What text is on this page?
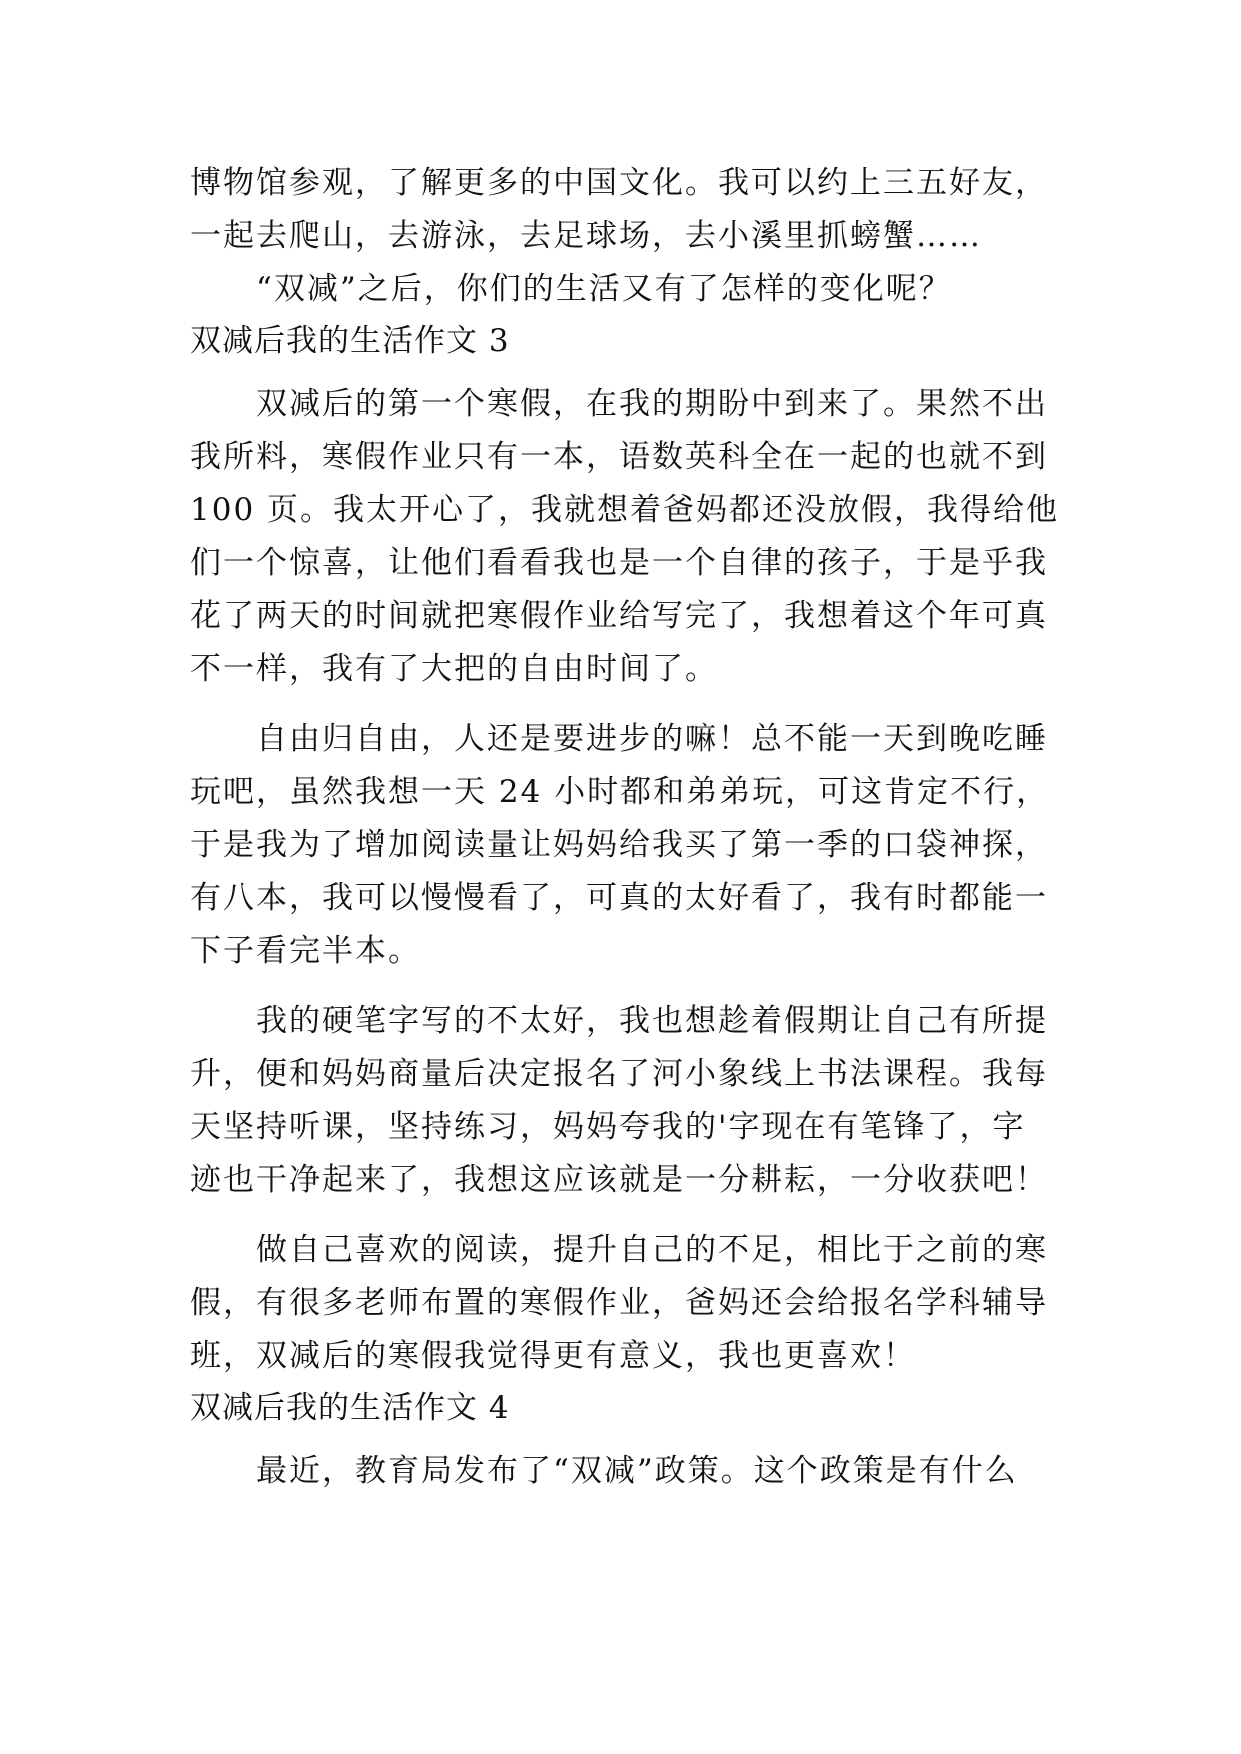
博物馆参观，了解更多的中国文化。我可以约上三五好友，
一起去爬山，去游泳，去足球场，去小溪里抓螃蟹……
“双减”之后，你们的生活又有了怎样的变化呢？
双减后我的生活作文 3
双减后的第一个寒假，在我的期盼中到来了。果然不出
我所料，寒假作业只有一本，语数英科全在一起的也就不到
100 页。我太开心了，我就想着爸妈都还没放假，我得给他
们一个惊喜，让他们看看我也是一个自律的孩子，于是乎我
花了两天的时间就把寒假作业给写完了，我想着这个年可真
不一样，我有了大把的自由时间了。
自由归自由，人还是要进步的嘛！总不能一天到晚吃睡
玩吧，虽然我想一天 24 小时都和弟弟玩，可这肯定不行，
于是我为了增加阅读量让妈妈给我买了第一季的口袋神探，
有八本，我可以慢慢看了，可真的太好看了，我有时都能一
下子看完半本。
我的硬笔字写的不太好，我也想趁着假期让自己有所提
升，便和妈妈商量后决定报名了河小象线上书法课程。我每
天坚持听课，坚持练习，妈妈夸我的'字现在有笔锋了，字
迹也干净起来了，我想这应该就是一分耕耘，一分收获吧！
做自己喜欢的阅读，提升自己的不足，相比于之前的寒
假，有很多老师布置的寒假作业，爸妈还会给报名学科辅导
班，双减后的寒假我觉得更有意义，我也更喜欢！
双减后我的生活作文 4
最近，教育局发布了“双减”政策。这个政策是有什么
